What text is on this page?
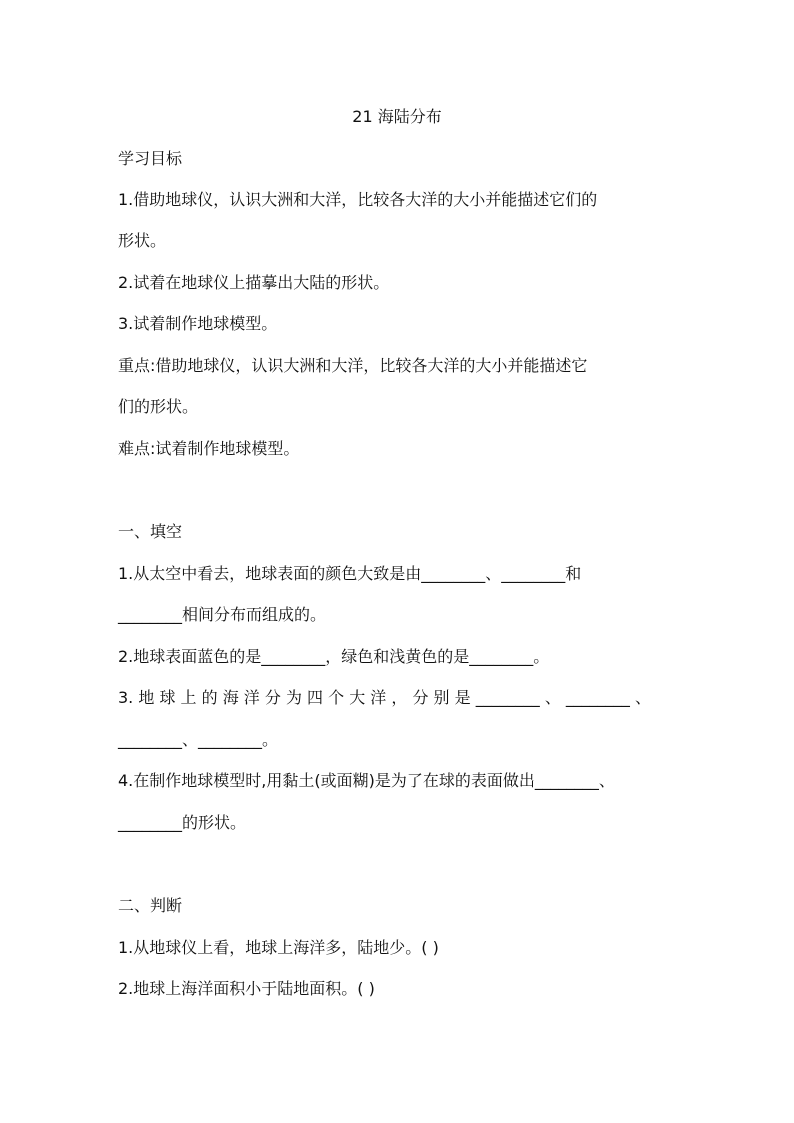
21 海陆分布
学习目标
1.借助地球仪，认识大洲和大洋，比较各大洋的大小并能描述它们的
形状。
2.试着在地球仪上描摹出大陆的形状。
3.试着制作地球模型。
重点:借助地球仪，认识大洲和大洋，比较各大洋的大小并能描述它
们的形状。
难点:试着制作地球模型。
一、填空
1.从太空中看去，地球表面的颜色大致是由________、________和
________相间分布而组成的。
2.地球表面蓝色的是________，绿色和浅黄色的是________。
3. 地 球 上 的 海 洋 分 为 四 个 大 洋 ， 分 别 是 ________ 、 ________ 、
________、________。
4.在制作地球模型时,用黏土(或面糊)是为了在球的表面做出________、
________的形状。
二、判断
1.从地球仪上看，地球上海洋多，陆地少。( )
2.地球上海洋面积小于陆地面积。( )
